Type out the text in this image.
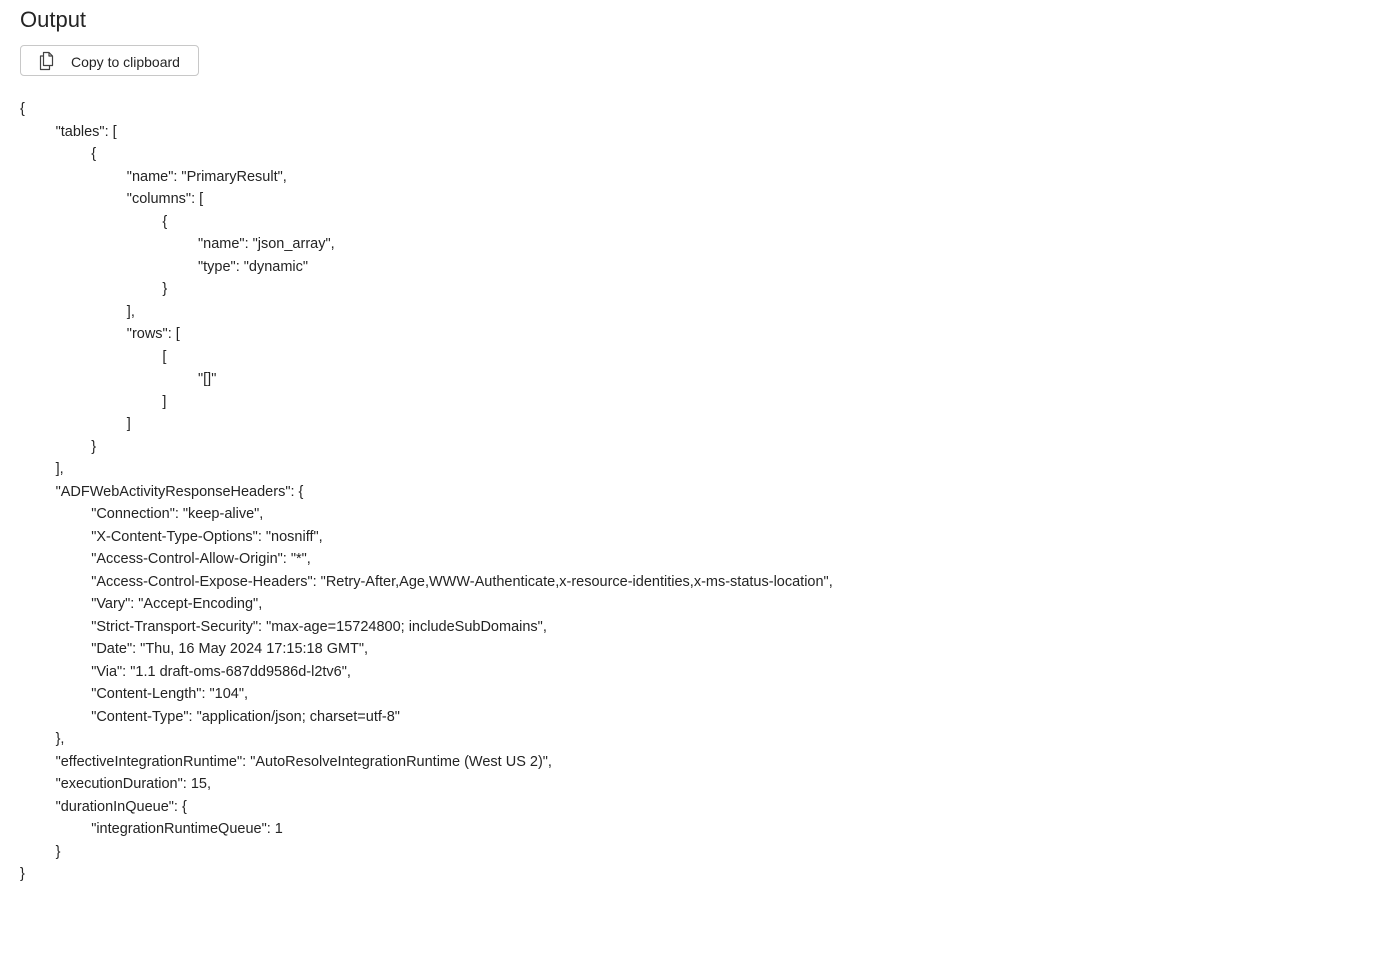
Output
Copy to clipboard
{
"tables": [
{
"name": "PrimaryResult",
"columns": [
{
"name": "json_array",
"type": "dynamic"
}
],
"rows": [
[
"[]"
]
]
}
],
"ADFWebActivityResponseHeaders": {
"Connection": "keep-alive",
"X-Content-Type-Options": "nosniff",
"Access-Control-Allow-Origin": "*",
"Access-Control-Expose-Headers": "Retry-After,Age,WWW-Authenticate,x-resource-identities,x-ms-status-location",
"Vary": "Accept-Encoding",
"Strict-Transport-Security": "max-age=15724800; includeSubDomains",
"Date": "Thu, 16 May 2024 17:15:18 GMT",
"Via": "1.1 draft-oms-687dd9586d-l2tv6",
"Content-Length": "104",
"Content-Type": "application/json; charset=utf-8"
},
"effectiveIntegrationRuntime": "AutoResolveIntegrationRuntime (West US 2)",
"executionDuration": 15,
"durationInQueue": {
"integrationRuntimeQueue": 1
}
}
